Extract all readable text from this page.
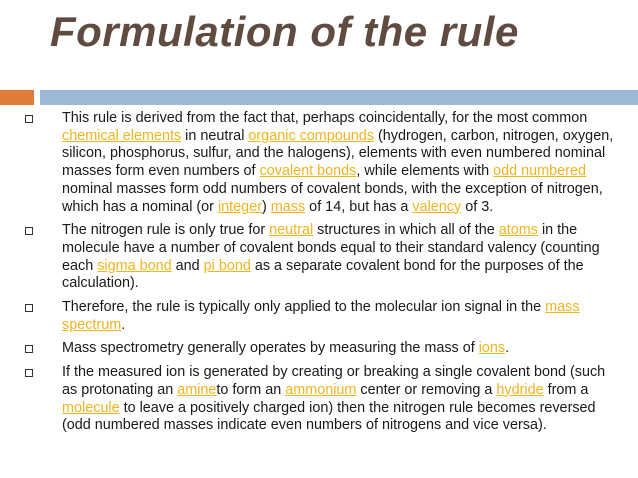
Formulation of the rule
This rule is derived from the fact that, perhaps coincidentally, for the most common chemical elements in neutral organic compounds (hydrogen, carbon, nitrogen, oxygen, silicon, phosphorus, sulfur, and the halogens), elements with even numbered nominal masses form even numbers of covalent bonds, while elements with odd numbered nominal masses form odd numbers of covalent bonds, with the exception of nitrogen, which has a nominal (or integer) mass of 14, but has a valency of 3.
The nitrogen rule is only true for neutral structures in which all of the atoms in the molecule have a number of covalent bonds equal to their standard valency (counting each sigma bond and pi bond as a separate covalent bond for the purposes of the calculation).
Therefore, the rule is typically only applied to the molecular ion signal in the mass spectrum.
Mass spectrometry generally operates by measuring the mass of ions.
If the measured ion is generated by creating or breaking a single covalent bond (such as protonating an amineto form an ammonium center or removing a hydride from a molecule to leave a positively charged ion) then the nitrogen rule becomes reversed (odd numbered masses indicate even numbers of nitrogens and vice versa).
